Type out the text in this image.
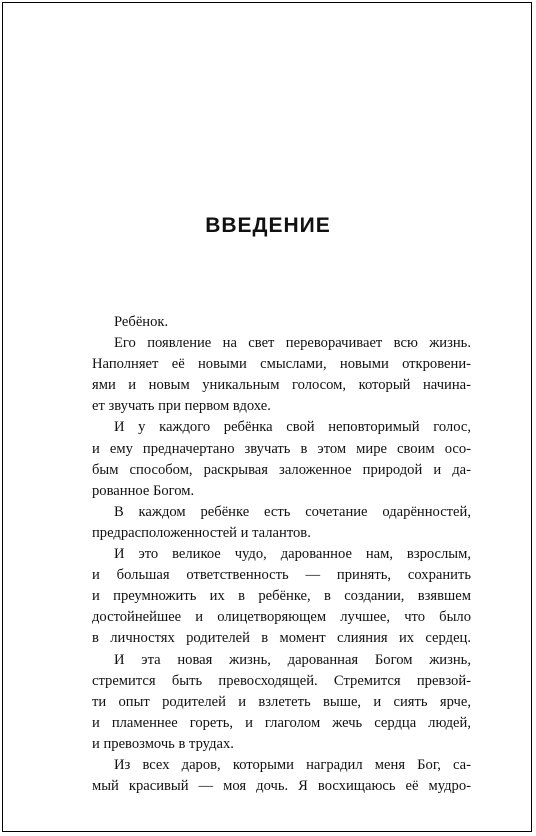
ВВЕДЕНИЕ
Ребёнок.
Его появление на свет переворачивает всю жизнь.
Наполняет её новыми смыслами, новыми откровени-
ями и новым уникальным голосом, который начина-
ет звучать при первом вдохе.
И у каждого ребёнка свой неповторимый голос,
и ему предначертано звучать в этом мире своим осо-
бым способом, раскрывая заложенное природой и да-
рованное Богом.
В каждом ребёнке есть сочетание одарённостей,
предрасположенностей и талантов.
И это великое чудо, дарованное нам, взрослым,
и большая ответственность — принять, сохранить
и преумножить их в ребёнке, в создании, взявшем
достойнейшее и олицетворяющем лучшее, что было
в личностях родителей в момент слияния их сердец.
И эта новая жизнь, дарованная Богом жизнь,
стремится быть превосходящей. Стремится превзой-
ти опыт родителей и взлететь выше, и сиять ярче,
и пламеннее гореть, и глаголом жечь сердца людей,
и превозмочь в трудах.
Из всех даров, которыми наградил меня Бог, са-
мый красивый — моя дочь. Я восхищаюсь её мудро-
